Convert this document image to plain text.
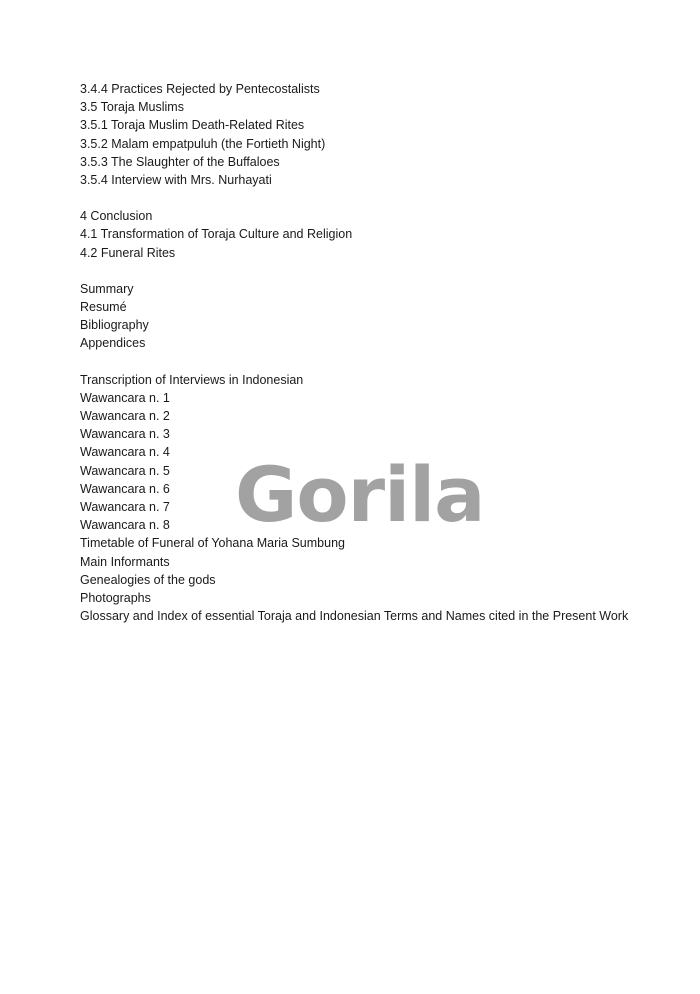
3.4.4 Practices Rejected by Pentecostalists
3.5 Toraja Muslims
3.5.1 Toraja Muslim Death-Related Rites
3.5.2 Malam empatpuluh (the Fortieth Night)
3.5.3 The Slaughter of the Buffaloes
3.5.4 Interview with Mrs. Nurhayati
4 Conclusion
4.1 Transformation of Toraja Culture and Religion
4.2 Funeral Rites
Summary
Resumé
Bibliography
Appendices
Transcription of Interviews in Indonesian
Wawancara n. 1
Wawancara n. 2
Wawancara n. 3
Wawancara n. 4
Wawancara n. 5
Wawancara n. 6
Wawancara n. 7
Wawancara n. 8
Timetable of Funeral of Yohana Maria Sumbung
Main Informants
Genealogies of the gods
Photographs
Glossary and Index of essential Toraja and Indonesian Terms and Names cited in the Present Work
Gorila
